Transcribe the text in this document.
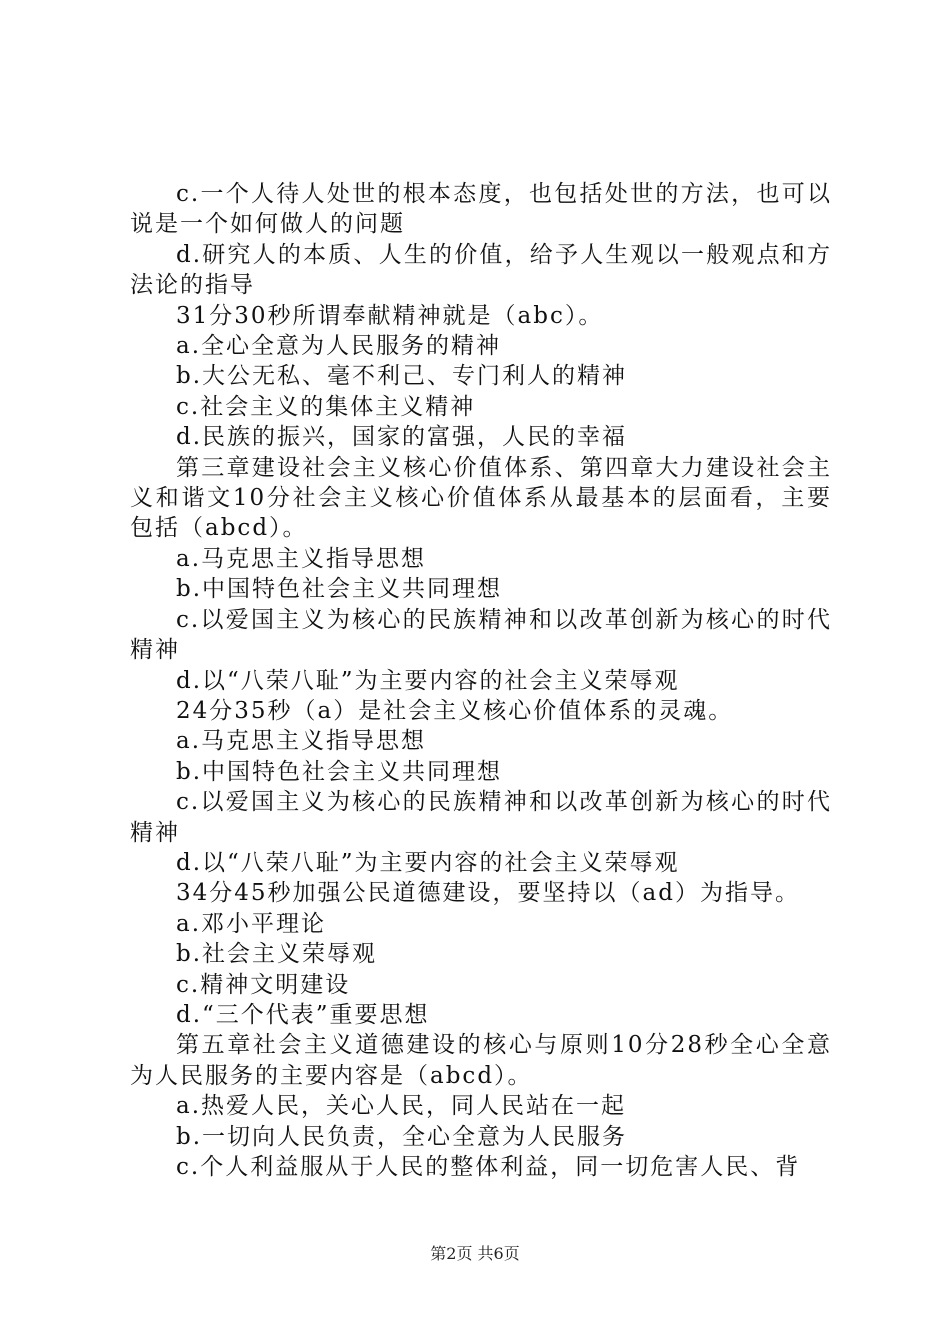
c.一个人待人处世的根本态度，也包括处世的方法，也可以说是一个如何做人的问题

d.研究人的本质、人生的价值，给予人生观以一般观点和方法论的指导

31分30秒所谓奉献精神就是（abc）。

a.全心全意为人民服务的精神

b.大公无私、毫不利己、专门利人的精神

c.社会主义的集体主义精神

d.民族的振兴，国家的富强，人民的幸福

第三章建设社会主义核心价值体系、第四章大力建设社会主义和谐文10分社会主义核心价值体系从最基本的层面看，主要包括（abcd）。

a.马克思主义指导思想

b.中国特色社会主义共同理想

c.以爱国主义为核心的民族精神和以改革创新为核心的时代精神

d.以“八荣八耻”为主要内容的社会主义荣辱观

24分35秒（a）是社会主义核心价值体系的灵魂。

a.马克思主义指导思想

b.中国特色社会主义共同理想

c.以爱国主义为核心的民族精神和以改革创新为核心的时代精神

d.以“八荣八耻”为主要内容的社会主义荣辱观

34分45秒加强公民道德建设，要坚持以（ad）为指导。

a.邓小平理论

b.社会主义荣辱观

c.精神文明建设

d.“三个代表”重要思想

第五章社会主义道德建设的核心与原则10分28秒全心全意为人民服务的主要内容是（abcd）。

a.热爱人民，关心人民，同人民站在一起

b.一切向人民负责，全心全意为人民服务

c.个人利益服从于人民的整体利益，同一切危害人民、背

第2页 共6页
